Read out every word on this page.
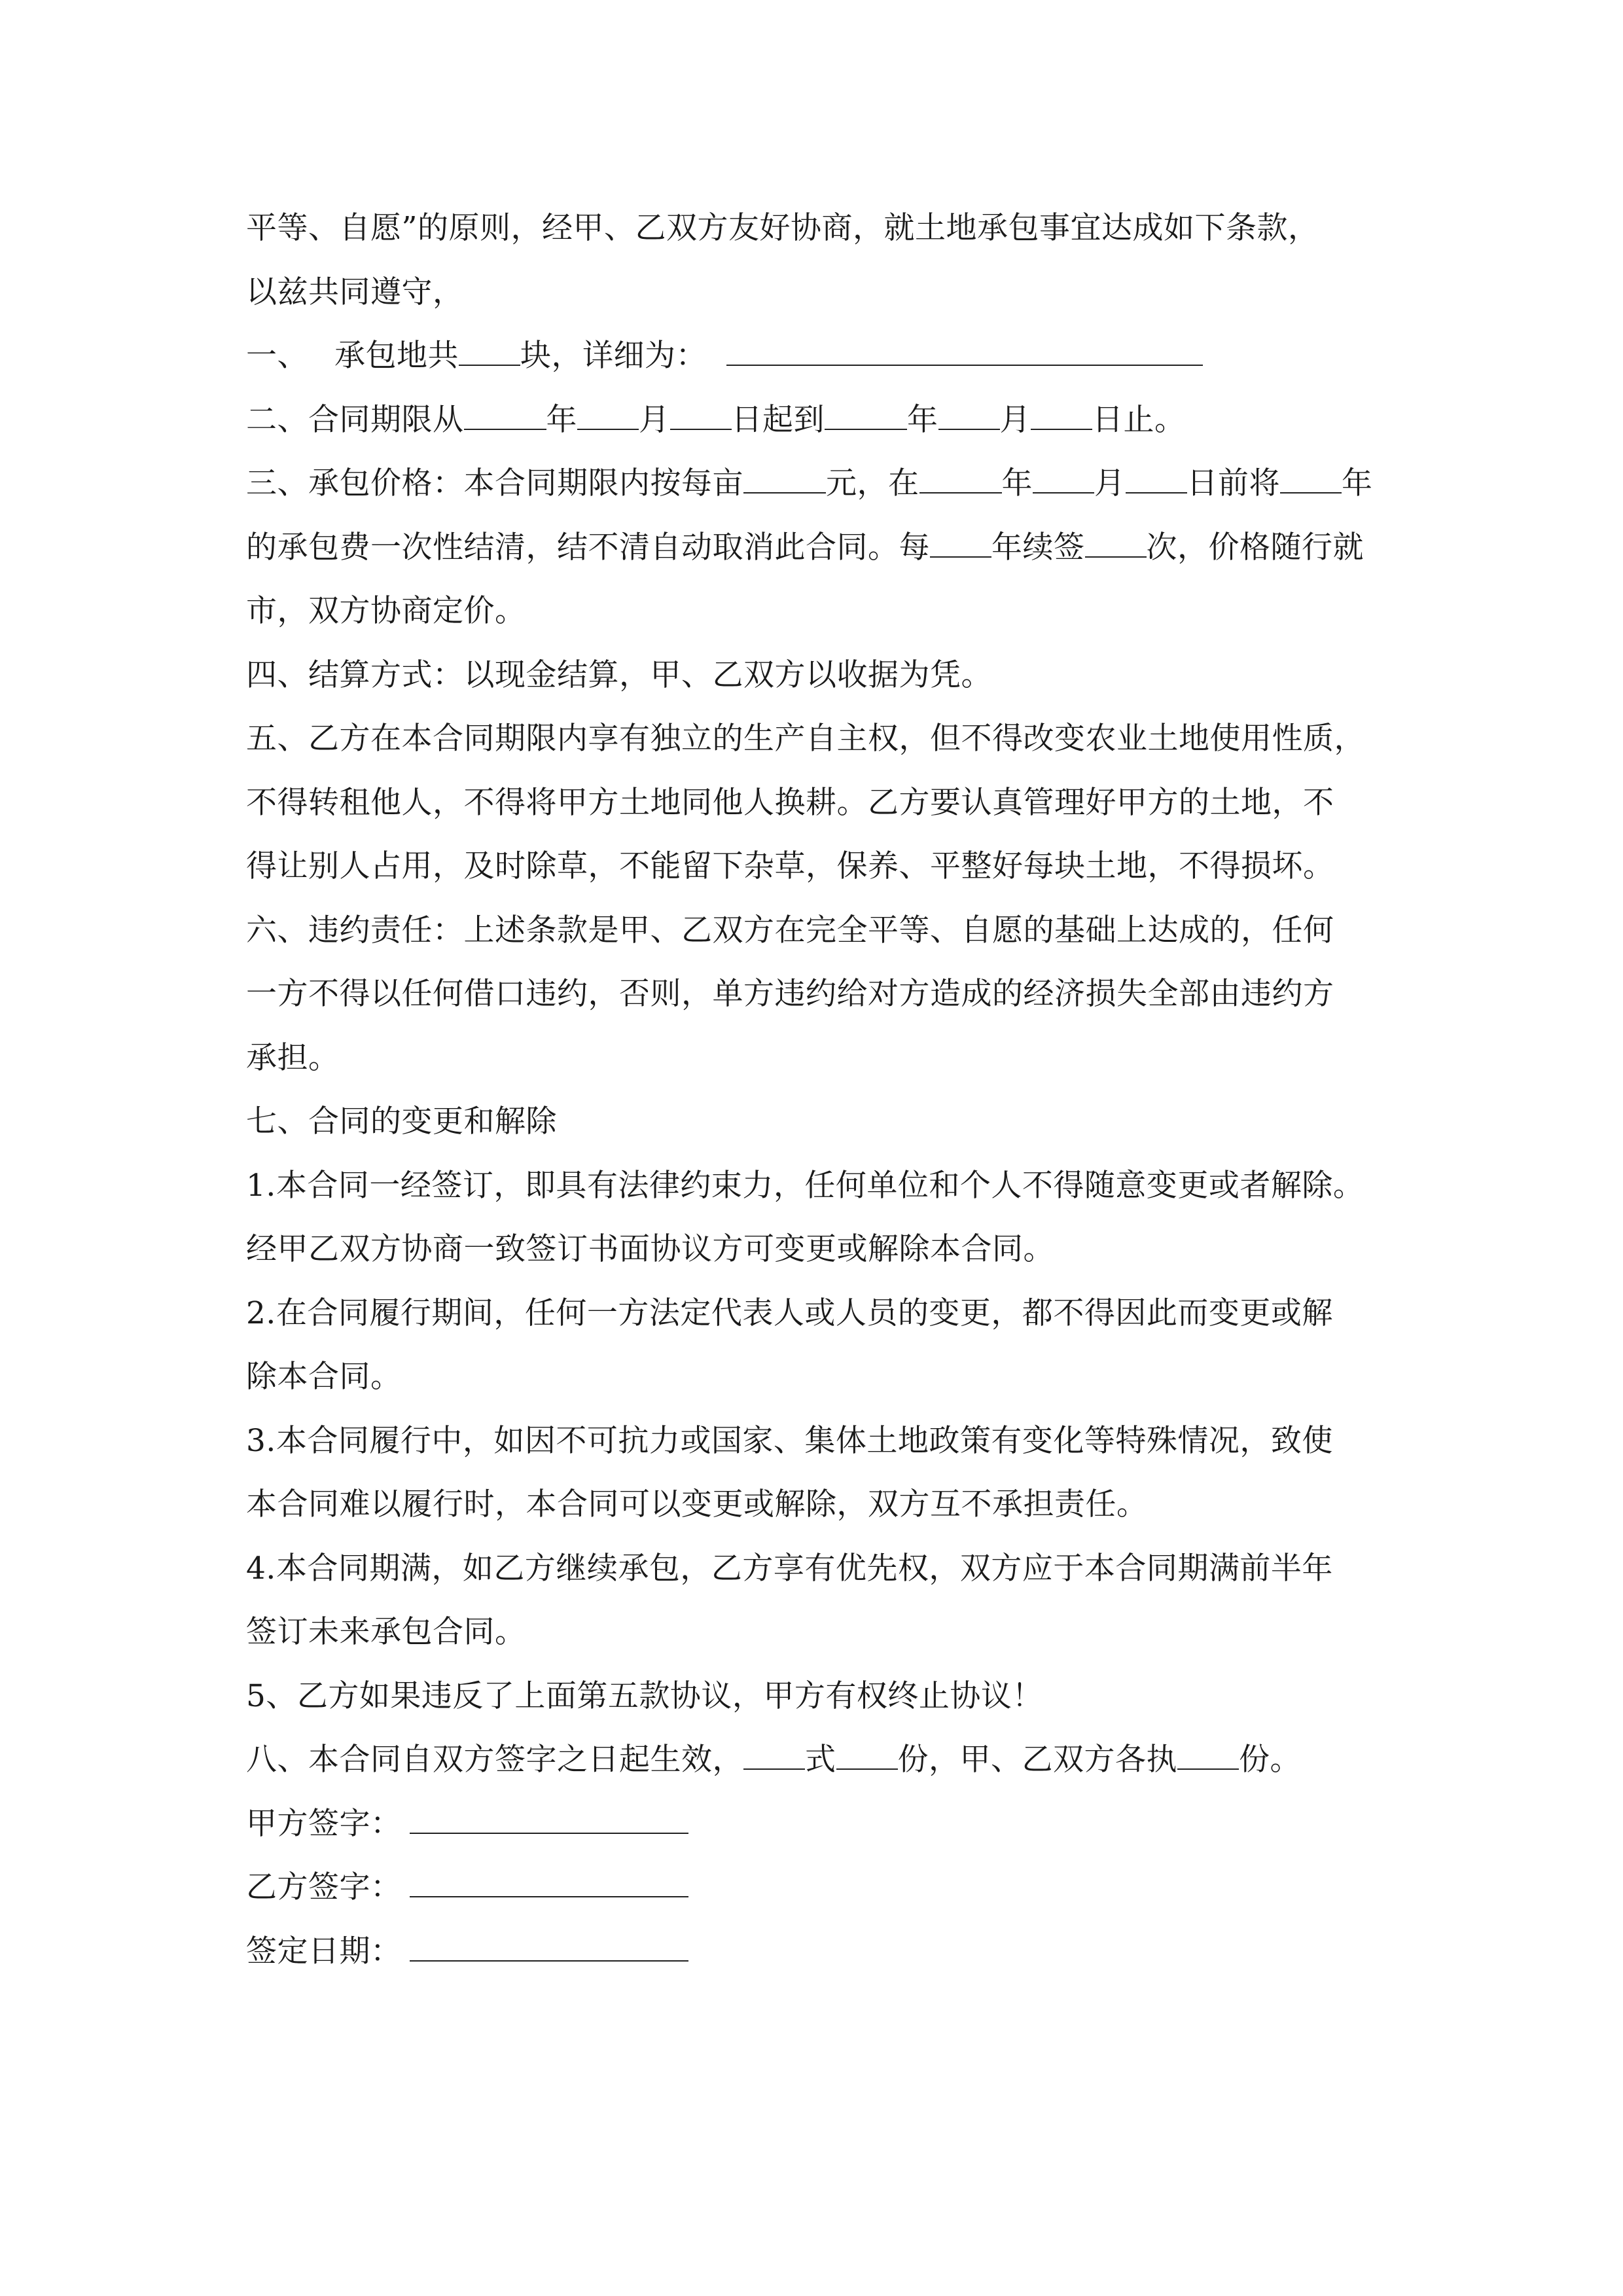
平等、自愿”的原则，经甲、乙双方友好协商，就土地承包事宜达成如下条款，
以兹共同遵守，
一、 承包地共 块，详细为：
二、合同期限从	年 月 日起到	年 月 日止。
三、承包价格：本合同期限内按每亩	元，在	年 月 日前将 年
的承包费一次性结清，结不清自动取消此合同。每 年续签 次，价格随行就
市，双方协商定价。
四、结算方式：以现金结算，甲、乙双方以收据为凭。
五、乙方在本合同期限内享有独立的生产自主权，但不得改变农业土地使用性质，
不得转租他人，不得将甲方土地同他人换耕。乙方要认真管理好甲方的土地，不
得让别人占用，及时除草，不能留下杂草，保养、平整好每块土地，不得损坏。
六、违约责任：上述条款是甲、乙双方在完全平等、自愿的基础上达成的，任何
一方不得以任何借口违约，否则，单方违约给对方造成的经济损失全部由违约方
承担。
七、合同的变更和解除
1.本合同一经签订，即具有法律约束力，任何单位和个人不得随意变更或者解除。
经甲乙双方协商一致签订书面协议方可变更或解除本合同。
2.在合同履行期间，任何一方法定代表人或人员的变更，都不得因此而变更或解
除本合同。
3.本合同履行中，如因不可抗力或国家、集体土地政策有变化等特殊情况，致使
本合同难以履行时，本合同可以变更或解除，双方互不承担责任。
4.本合同期满，如乙方继续承包，乙方享有优先权，双方应于本合同期满前半年
签订未来承包合同。
5、乙方如果违反了上面第五款协议，甲方有权终止协议！
八、本合同自双方签字之日起生效， 式 份，甲、乙双方各执 份。
甲方签字：
乙方签字：
签定日期：
